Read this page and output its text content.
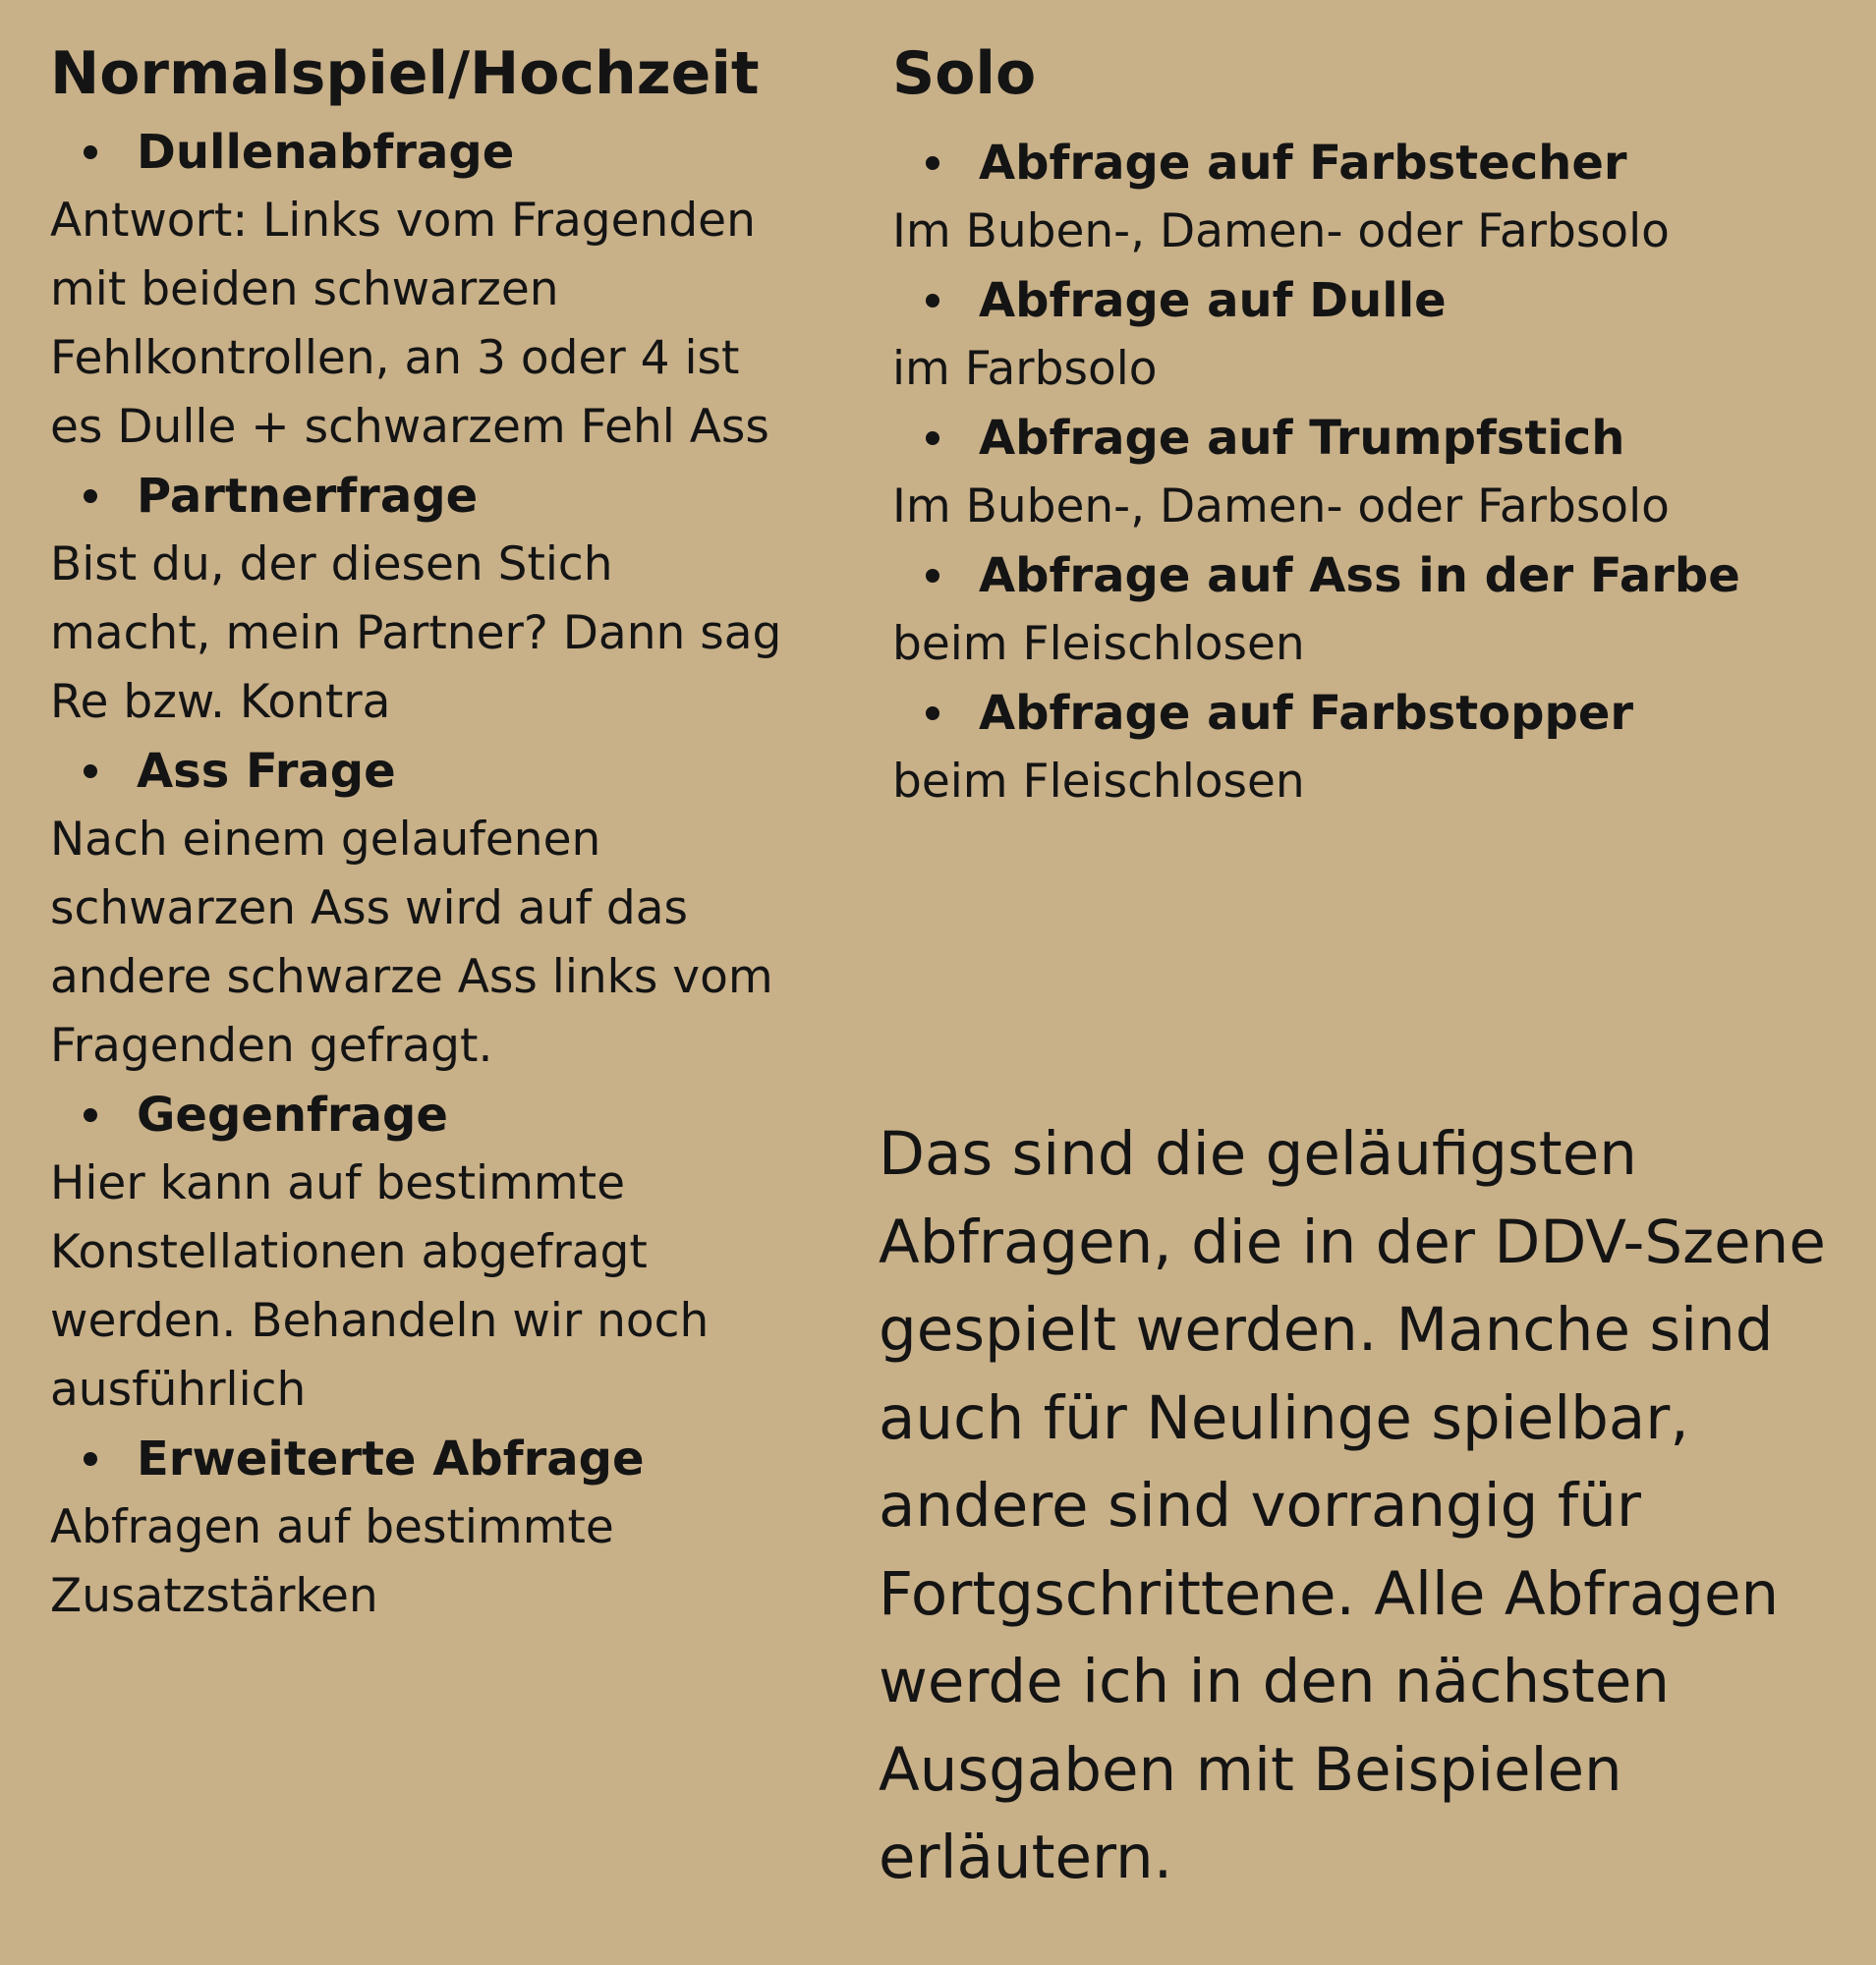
Normalspiel/Hochzeit
Dullenabfrage
Antwort: Links vom Fragenden
mit beiden schwarzen
Fehlkontrollen, an 3 oder 4 ist
es Dulle + schwarzem Fehl Ass
Partnerfrage
Bist du, der diesen Stich
macht, mein Partner? Dann sag
Re bzw. Kontra
Ass Frage
Nach einem gelaufenen
schwarzen Ass wird auf das
andere schwarze Ass links vom
Fragenden gefragt.
Gegenfrage
Hier kann auf bestimmte
Konstellationen abgefragt
werden. Behandeln wir noch
ausführlich
Erweiterte Abfrage
Abfragen auf bestimmte
Zusatzstärken
Solo
Abfrage auf Farbstecher
Im Buben-, Damen- oder Farbsolo
Abfrage auf Dulle
im Farbsolo
Abfrage auf Trumpfstich
Im Buben-, Damen- oder Farbsolo
Abfrage auf Ass in der Farbe
beim Fleischlosen
Abfrage auf Farbstopper
beim Fleischlosen
Das sind die geläufigsten
Abfragen, die in der DDV-Szene
gespielt werden. Manche sind
auch für Neulinge spielbar,
andere sind vorrangig für
Fortgschrittene. Alle Abfragen
werde ich in den nächsten
Ausgaben mit Beispielen
erläutern.
